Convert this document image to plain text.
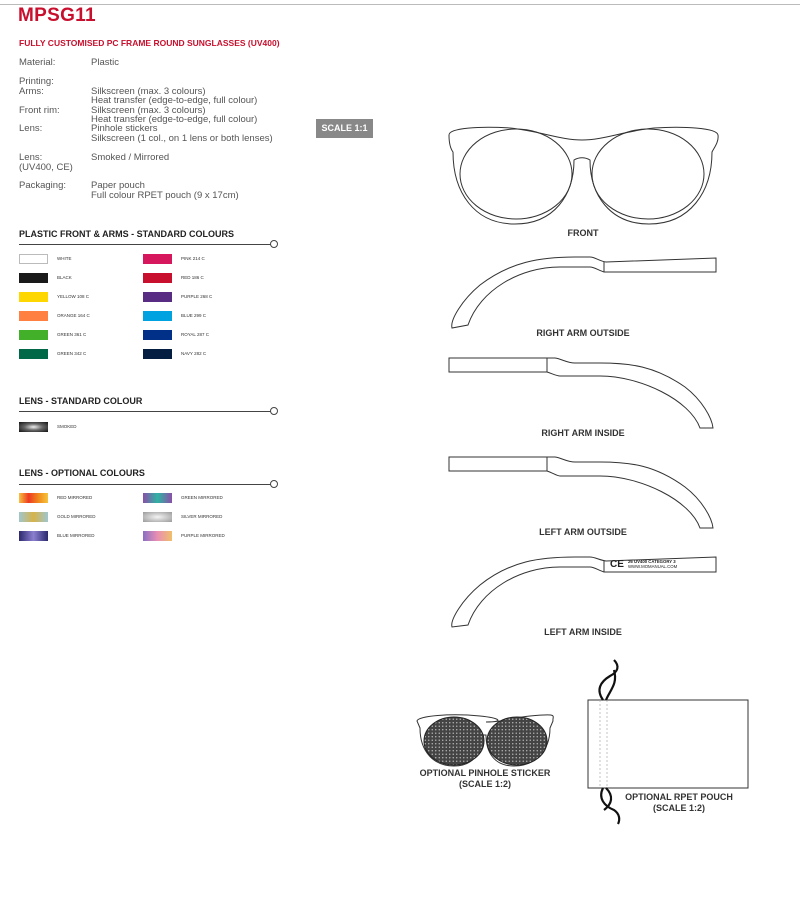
MPSG11
FULLY CUSTOMISED PC FRAME ROUND SUNGLASSES (UV400)
Material:	Plastic
Printing:
Arms:	Silkscreen (max. 3 colours)
Heat transfer (edge-to-edge, full colour)
Front rim:	Silkscreen (max. 3 colours)
Heat transfer (edge-to-edge, full colour)
Lens:	Pinhole stickers
Silkscreen (1 col., on 1 lens or both lenses)
Lens:
(UV400, CE)
Smoked / Mirrored
Packaging:	Paper pouch
Full colour RPET pouch (9 x 17cm)
SCALE 1:1
PLASTIC FRONT & ARMS - STANDARD COLOURS
WHITE
BLACK
YELLOW 108 C
ORANGE 164 C
GREEN 361 C
GREEN 342 C
PINK 214 C
RED 186 C
PURPLE 268 C
BLUE 299 C
ROYAL 287 C
NAVY 282 C
LENS - STANDARD COLOUR
SMOKED
LENS - OPTIONAL COLOURS
RED MIRRORED
GOLD MIRRORED
BLUE MIRRORED
GREEN MIRRORED
SILVER MIRRORED
PURPLE MIRRORED
CE 26 UV400 CATEGORY 3
WWW.MOMANUAL.COM
FRONT
RIGHT ARM OUTSIDE
RIGHT ARM INSIDE
LEFT ARM OUTSIDE
LEFT ARM INSIDE
OPTIONAL PINHOLE STICKER
(SCALE 1:2)
OPTIONAL RPET POUCH
(SCALE 1:2)
